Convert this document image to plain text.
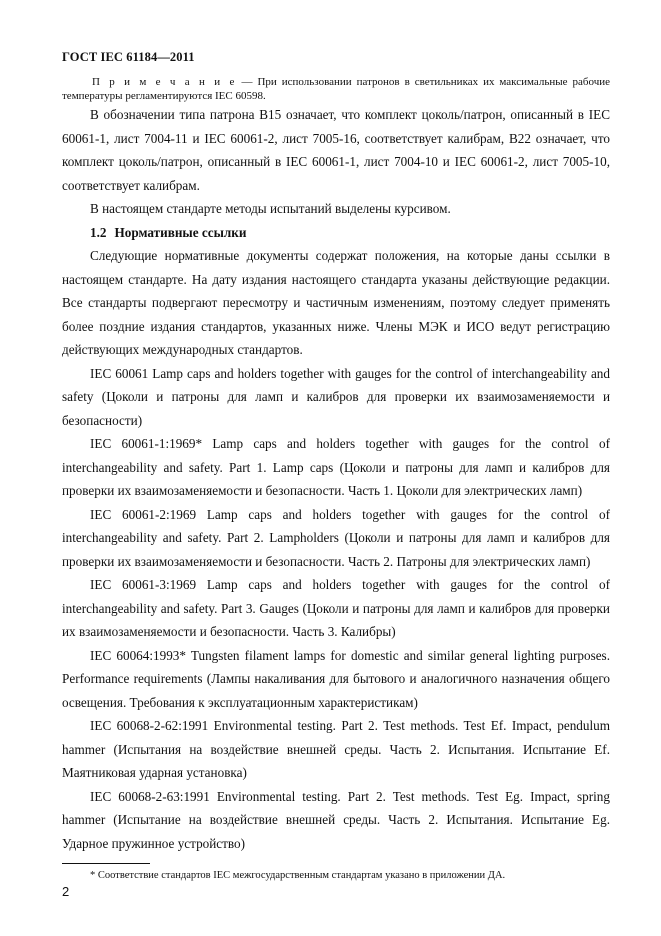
ГОСТ IEC 61184—2011

П р и м е ч а н и е — При использовании патронов в светильниках их максимальные рабочие температуры регламентируются IEC 60598.

В обозначении типа патрона B15 означает, что комплект цоколь/патрон, описанный в IEC 60061-1, лист 7004-11 и IEC 60061-2, лист 7005-16, соответствует калибрам, B22 означает, что комплект цоколь/патрон, описанный в IEC 60061-1, лист 7004-10 и IEC 60061-2, лист 7005-10, соответствует калибрам.

В настоящем стандарте методы испытаний выделены курсивом.

1.2 Нормативные ссылки

Следующие нормативные документы содержат положения, на которые даны ссылки в настоящем стандарте. На дату издания настоящего стандарта указаны действующие редакции. Все стандарты подвергают пересмотру и частичным изменениям, поэтому следует применять более поздние издания стандартов, указанных ниже. Члены МЭК и ИСО ведут регистрацию действующих международных стандартов.

IEC 60061 Lamp caps and holders together with gauges for the control of interchangeability and safety (Цоколи и патроны для ламп и калибров для проверки их взаимозаменяемости и безопасности)

IEC 60061-1:1969* Lamp caps and holders together with gauges for the control of interchangeability and safety. Part 1. Lamp caps (Цоколи и патроны для ламп и калибров для проверки их взаимозаменяемости и безопасности. Часть 1. Цоколи для электрических ламп)

IEC 60061-2:1969 Lamp caps and holders together with gauges for the control of interchangeability and safety. Part 2. Lampholders (Цоколи и патроны для ламп и калибров для проверки их взаимозаменяемости и безопасности. Часть 2. Патроны для электрических ламп)

IEC 60061-3:1969 Lamp caps and holders together with gauges for the control of interchangeability and safety. Part 3. Gauges (Цоколи и патроны для ламп и калибров для проверки их взаимозаменяемости и безопасности. Часть 3. Калибры)

IEC 60064:1993* Tungsten filament lamps for domestic and similar general lighting purposes. Performance requirements (Лампы накаливания для бытового и аналогичного назначения общего освещения. Требования к эксплуатационным характеристикам)

IEC 60068-2-62:1991 Environmental testing. Part 2. Test methods. Test Ef. Impact, pendulum hammer (Испытания на воздействие внешней среды. Часть 2. Испытания. Испытание Ef. Маятниковая ударная установка)

IEC 60068-2-63:1991 Environmental testing. Part 2. Test methods. Test Eg. Impact, spring hammer (Испытание на воздействие внешней среды. Часть 2. Испытания. Испытание Eg. Ударное пружинное устройство)

* Соответствие стандартов IEC межгосударственным стандартам указано в приложении ДА.

2
